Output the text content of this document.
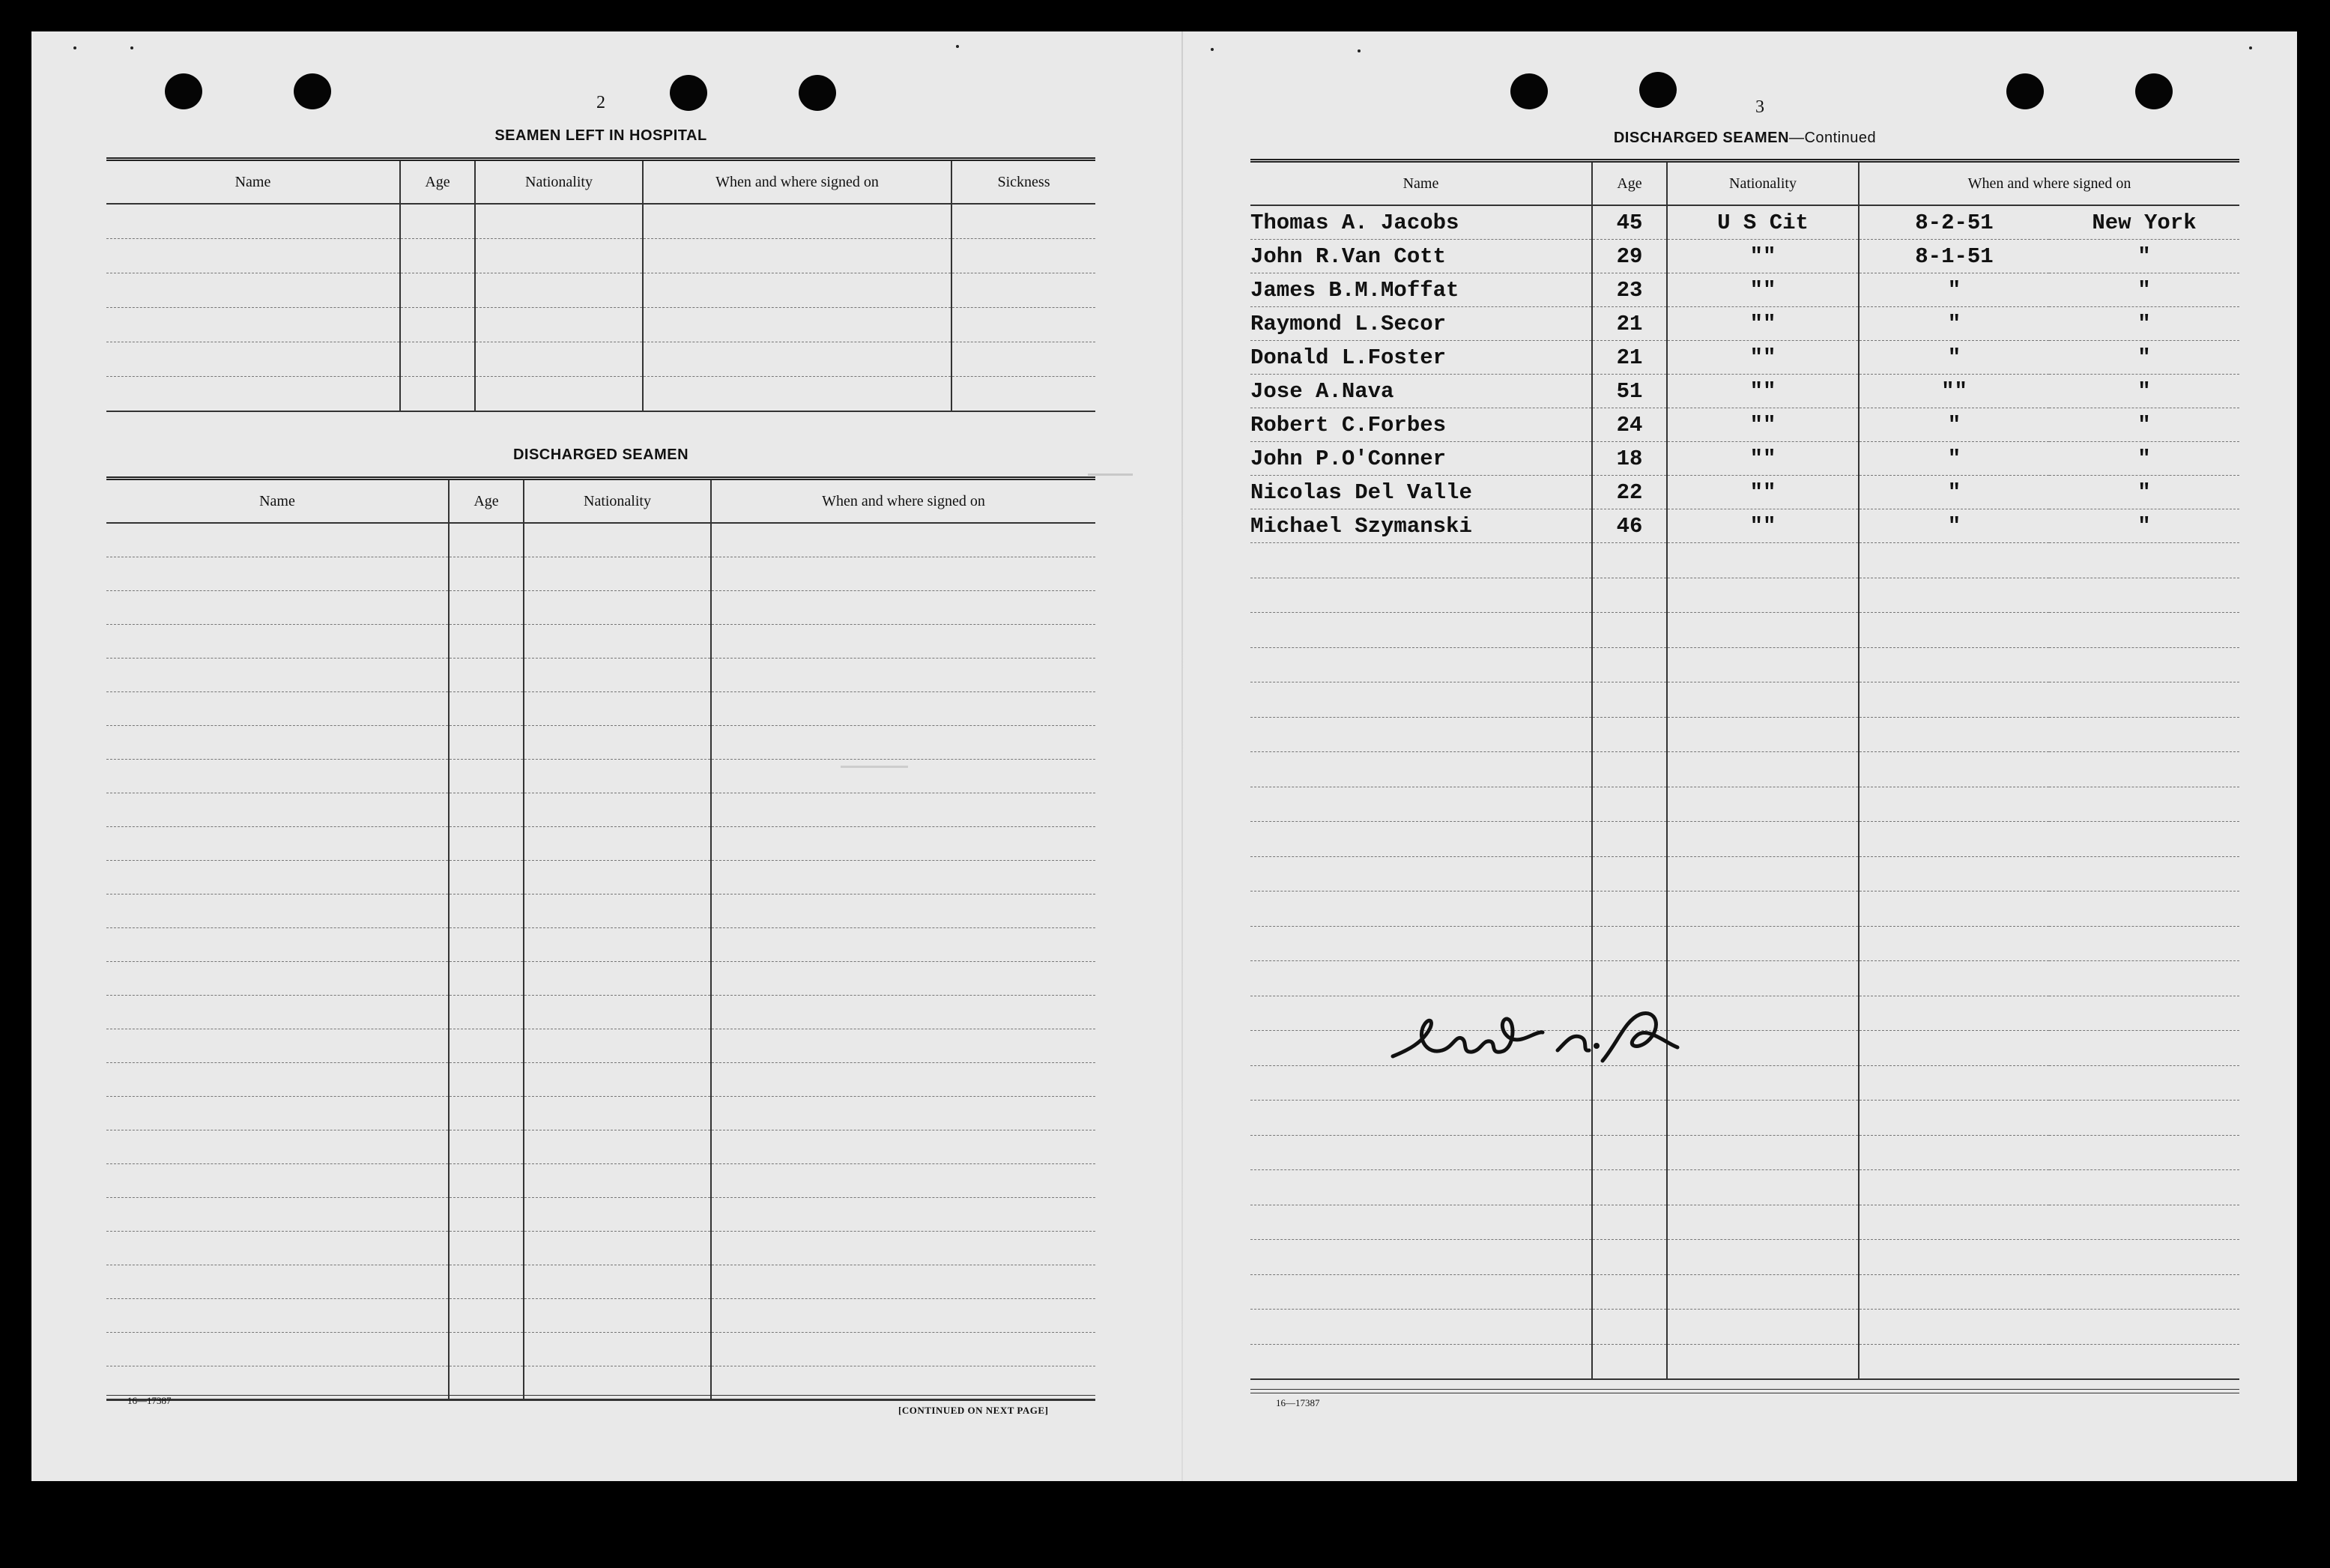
2
SEAMEN LEFT IN HOSPITAL
Name	Age	Nationality	When and where signed on	Sickness

DISCHARGED SEAMEN
Name	Age	Nationality	When and where signed on

16—17387
[CONTINUED ON NEXT PAGE]
3
DISCHARGED SEAMEN—Continued
Name	Age	Nationality	When and where signed on	
Thomas A. Jacobs	45	U S Cit	8-2-51	New York
John R.Van Cott	29	""	8-1-51	"
James B.M.Moffat	23	""	"	"
Raymond L.Secor	21	""	"	"
Donald L.Foster	21	""	"	"
Jose A.Nava	51	""	""	"
Robert C.Forbes	24	""	"	"
John P.O'Conner	18	""	"	"
Nicolas Del Valle	22	""	"	"
Michael Szymanski	46	""	"	"

16—17387
